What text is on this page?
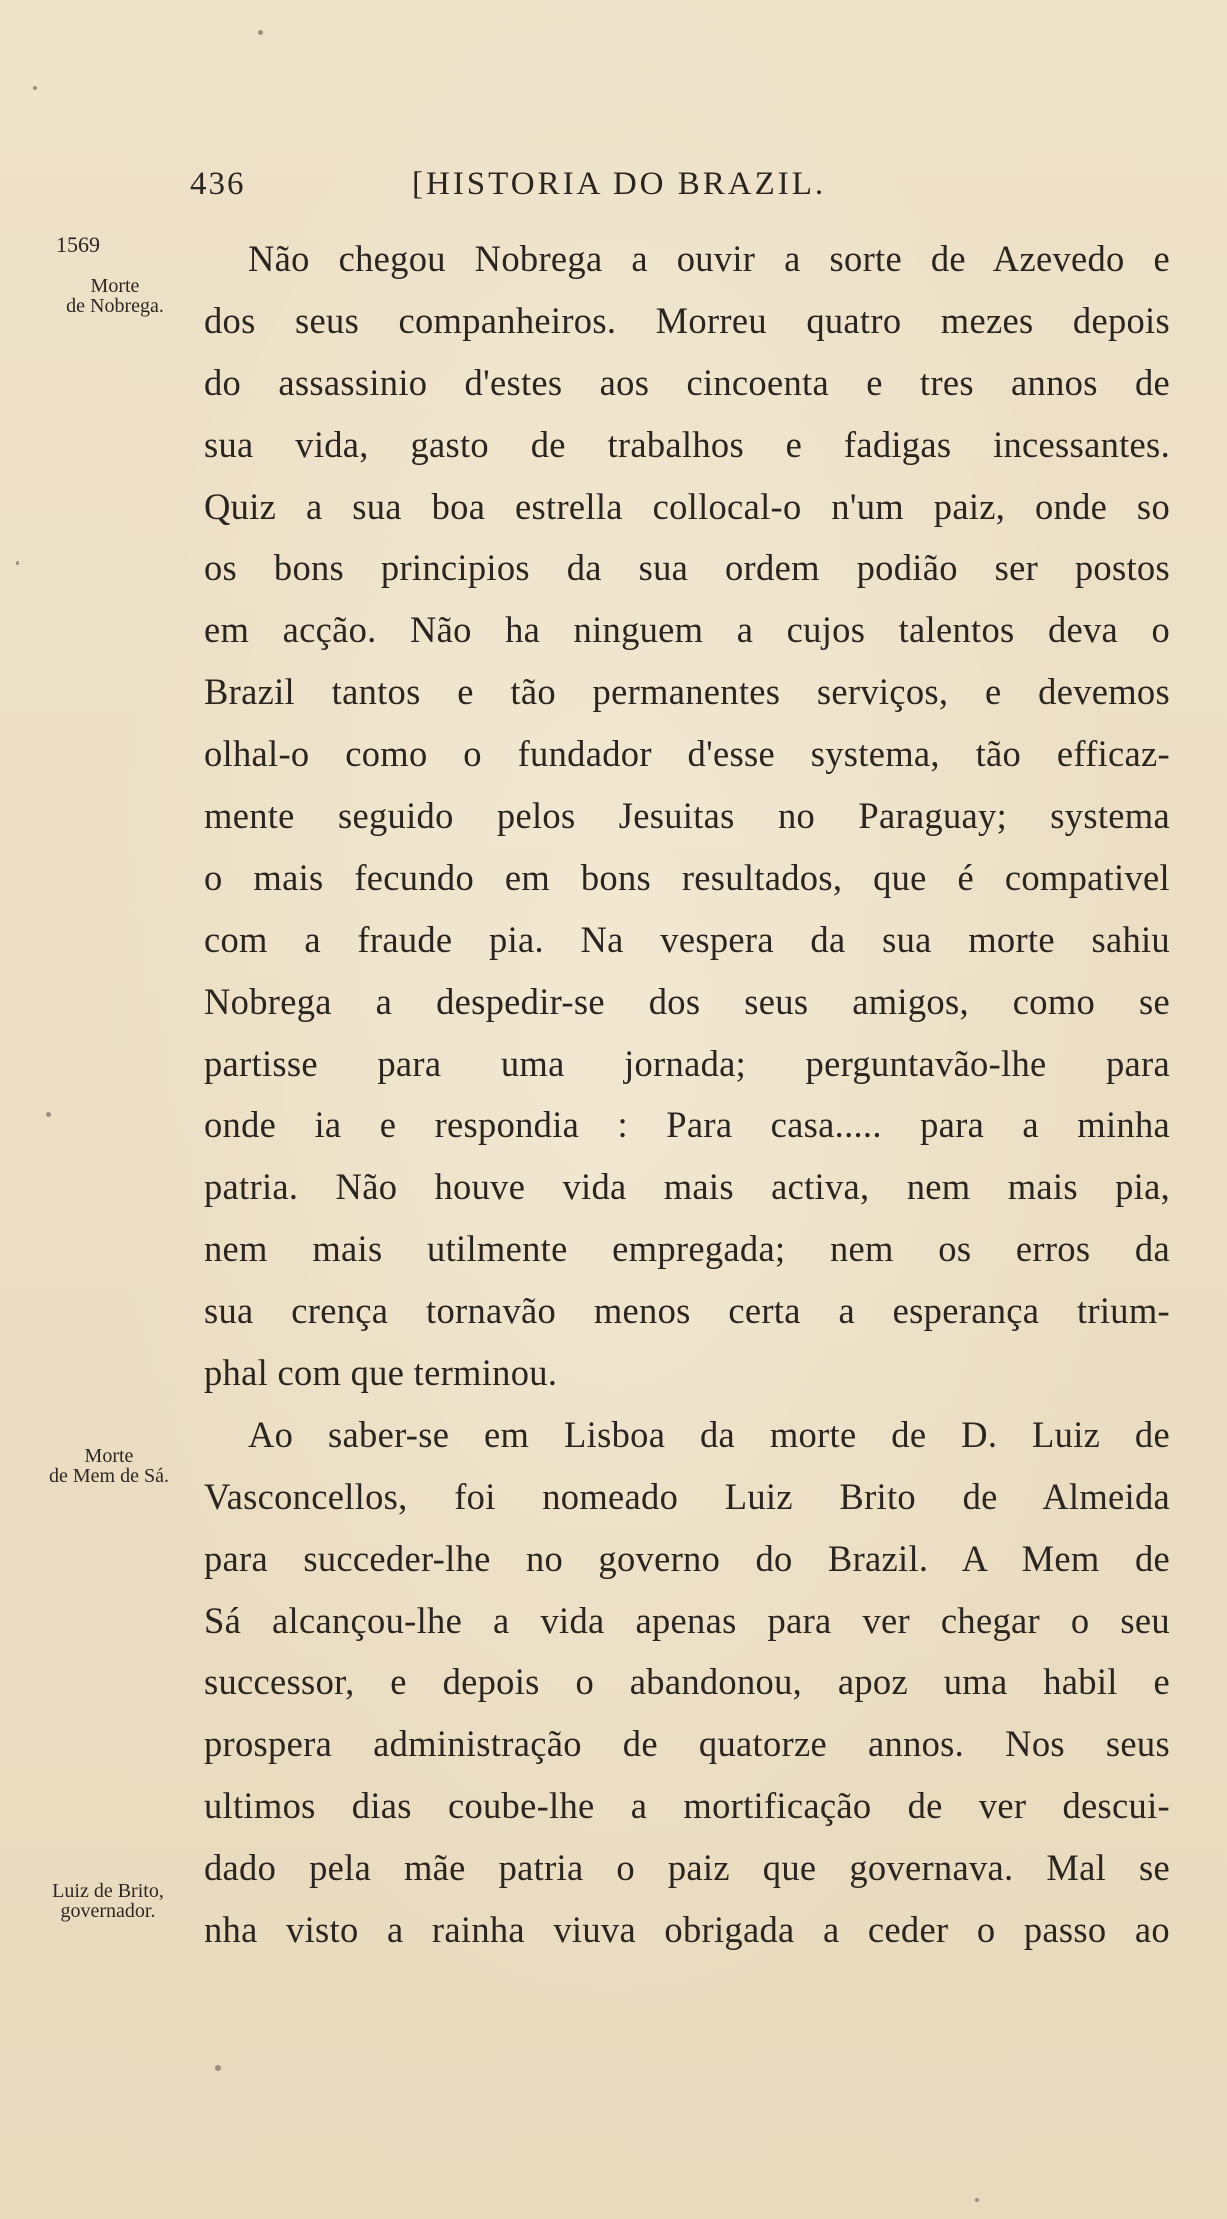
436	[HISTORIA DO BRAZIL.
1569
Morte
de Nobrega.
Morte
de Mem de Sá.
Luiz de Brito,
governador.
Não chegou Nobrega a ouvir a sorte de Azevedo e
dos seus companheiros. Morreu quatro mezes depois
do assassinio d'estes aos cincoenta e tres annos de
sua vida, gasto de trabalhos e fadigas incessantes.
Quiz a sua boa estrella collocal-o n'um paiz, onde so
os bons principios da sua ordem podião ser postos
em acção. Não ha ninguem a cujos talentos deva o
Brazil tantos e tão permanentes serviços, e devemos
olhal-o como o fundador d'esse systema, tão efficaz-
mente seguido pelos Jesuitas no Paraguay; systema
o mais fecundo em bons resultados, que é compativel
com a fraude pia. Na vespera da sua morte sahiu
Nobrega a despedir-se dos seus amigos, como se
partisse para uma jornada; perguntavão-lhe para
onde ia e respondia : Para casa..... para a minha
patria. Não houve vida mais activa, nem mais pia,
nem mais utilmente empregada; nem os erros da
sua crença tornavão menos certa a esperança trium-
phal com que terminou.
Ao saber-se em Lisboa da morte de D. Luiz de
Vasconcellos, foi nomeado Luiz Brito de Almeida
para succeder-lhe no governo do Brazil. A Mem de
Sá alcançou-lhe a vida apenas para ver chegar o seu
successor, e depois o abandonou, apoz uma habil e
prospera administração de quatorze annos. Nos seus
ultimos dias coube-lhe a mortificação de ver descui-
dado pela mãe patria o paiz que governava. Mal se
nha visto a rainha viuva obrigada a ceder o passo ao
